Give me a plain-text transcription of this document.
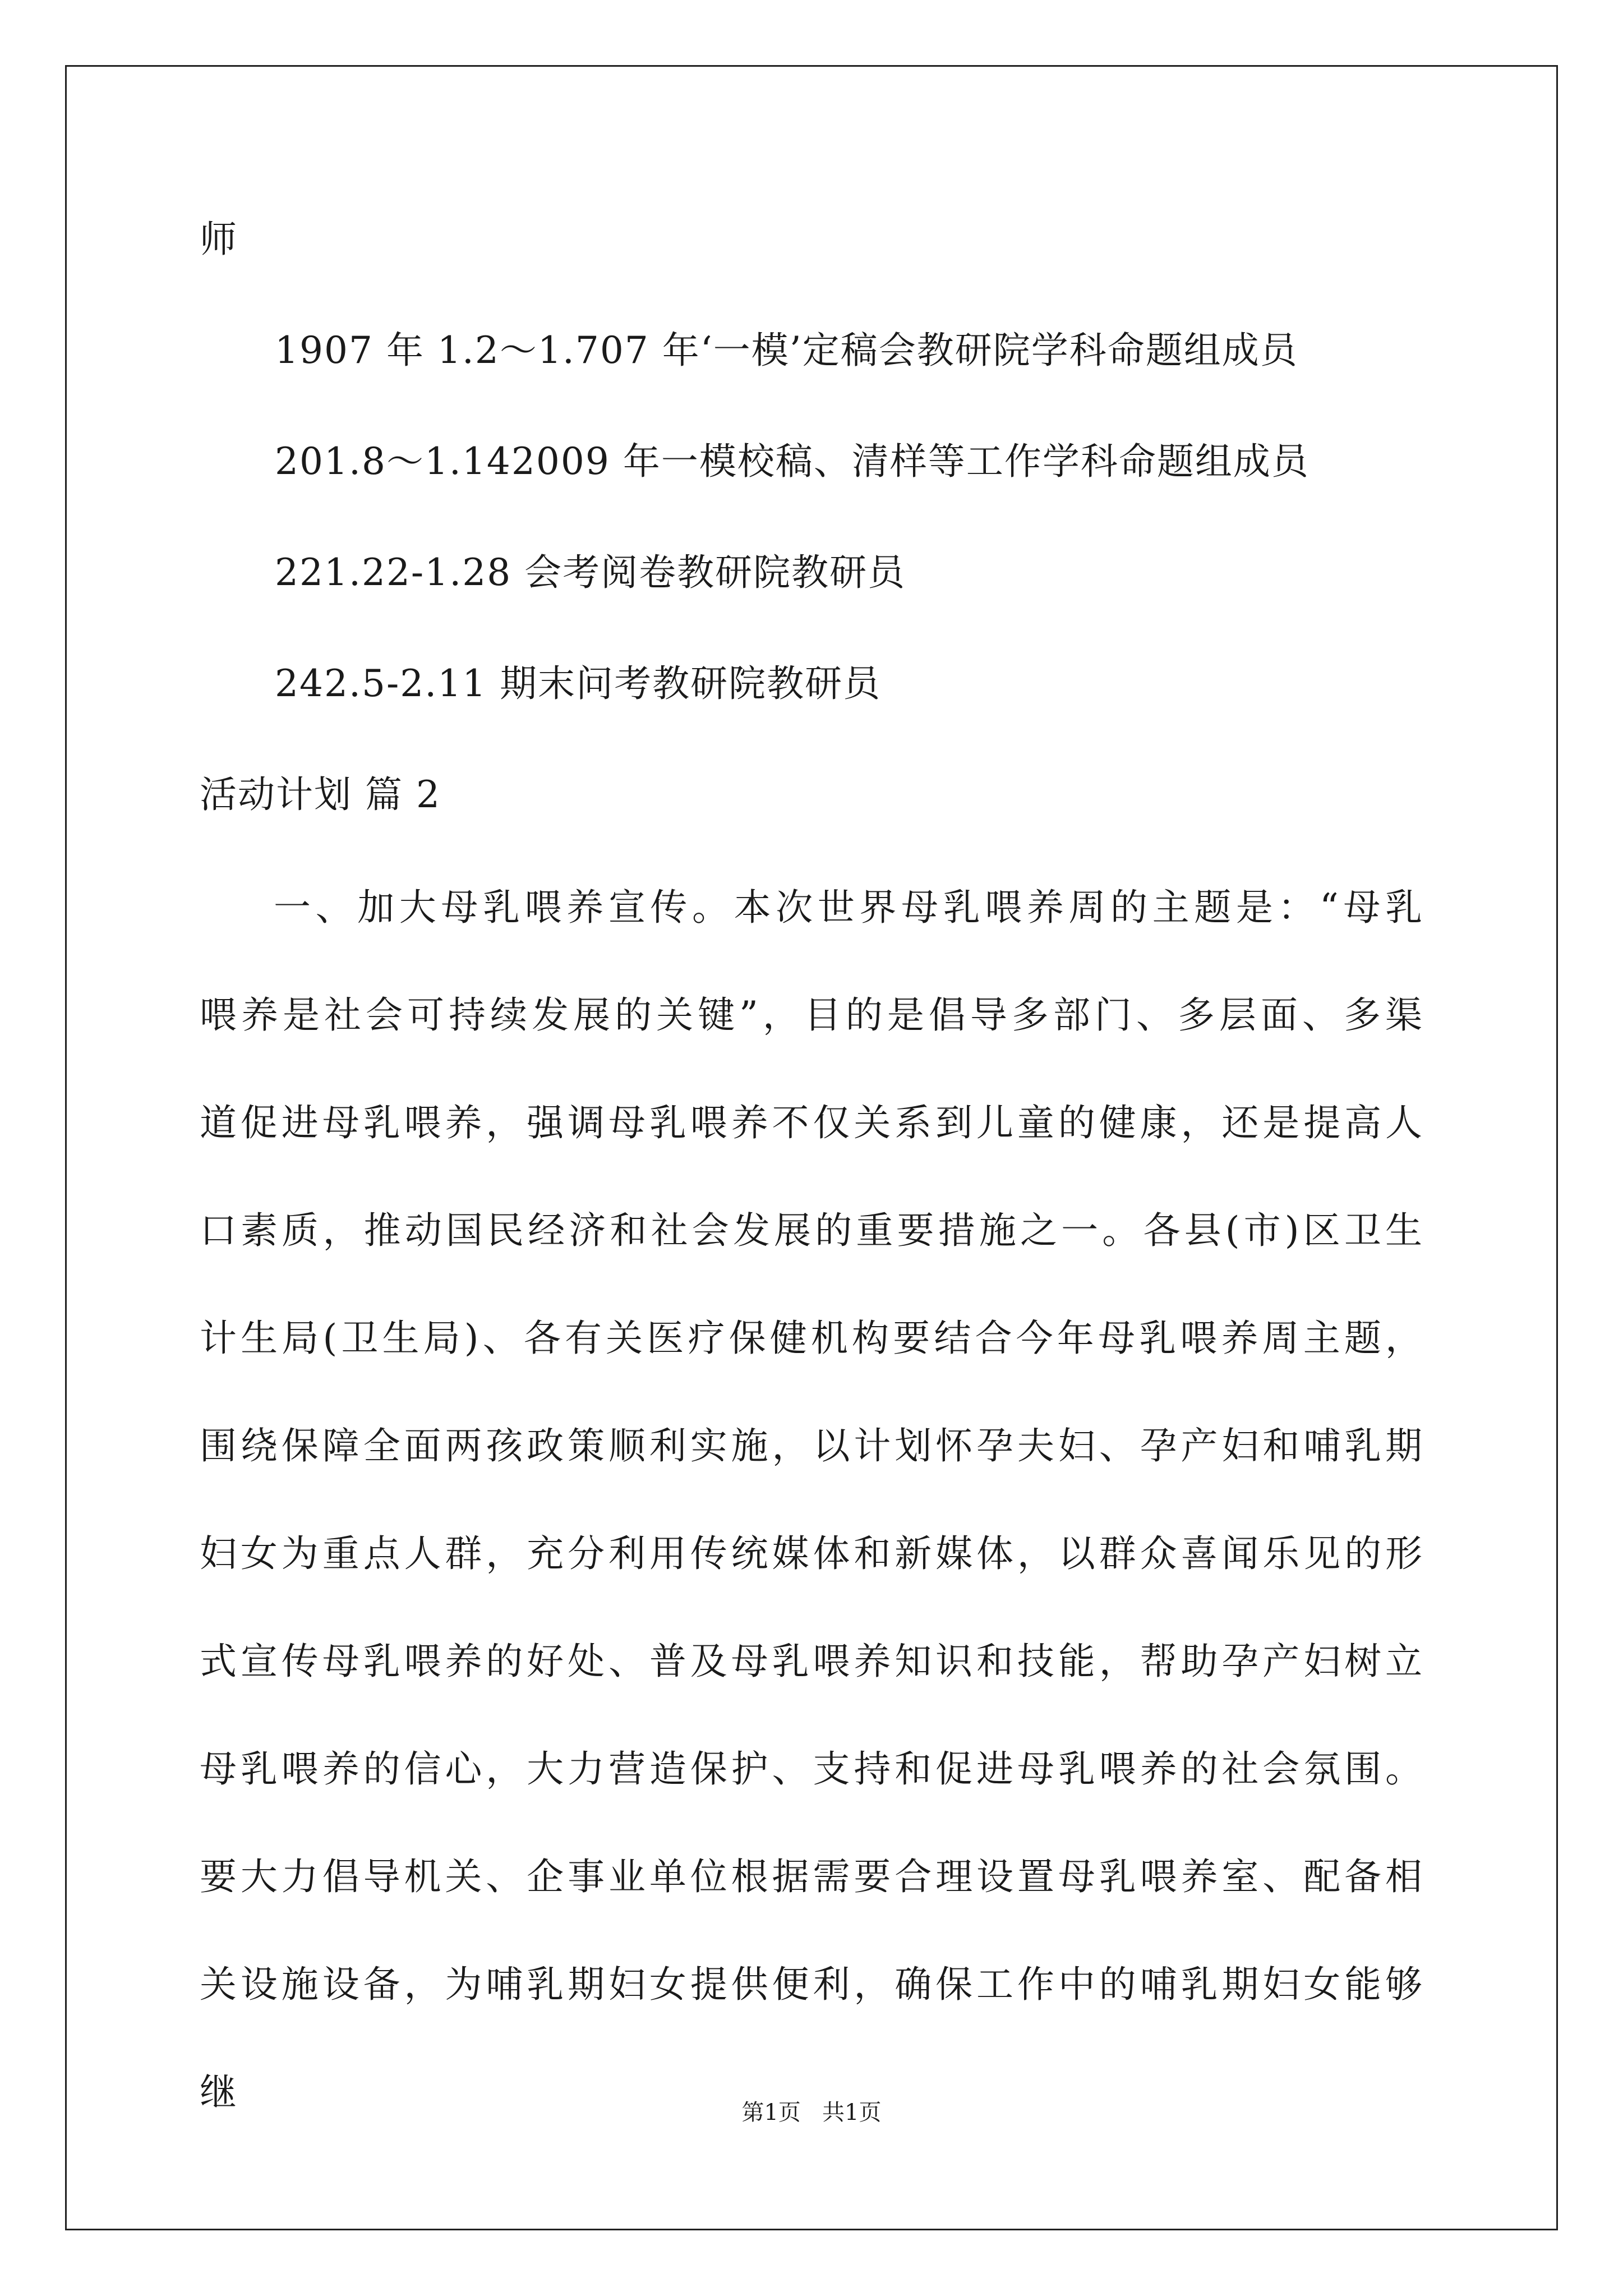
师
1907 年 1.2～1.707 年‘一模’定稿会教研院学科命题组成员
201.8～1.142009 年一模校稿、清样等工作学科命题组成员
221.22-1.28 会考阅卷教研院教研员
242.5-2.11 期末问考教研院教研员
活动计划 篇 2

一、加大母乳喂养宣传。本次世界母乳喂养周的主题是：“母乳喂养是社会可持续发展的关键”，目的是倡导多部门、多层面、多渠道促进母乳喂养，强调母乳喂养不仅关系到儿童的健康，还是提高人口素质，推动国民经济和社会发展的重要措施之一。各县(市)区卫生计生局(卫生局)、各有关医疗保健机构要结合今年母乳喂养周主题，围绕保障全面两孩政策顺利实施，以计划怀孕夫妇、孕产妇和哺乳期妇女为重点人群，充分利用传统媒体和新媒体，以群众喜闻乐见的形式宣传母乳喂养的好处、普及母乳喂养知识和技能，帮助孕产妇树立母乳喂养的信心，大力营造保护、支持和促进母乳喂养的社会氛围。要大力倡导机关、企事业单位根据需要合理设置母乳喂养室、配备相关设施设备，为哺乳期妇女提供便利，确保工作中的哺乳期妇女能够继	第1页   共1页
